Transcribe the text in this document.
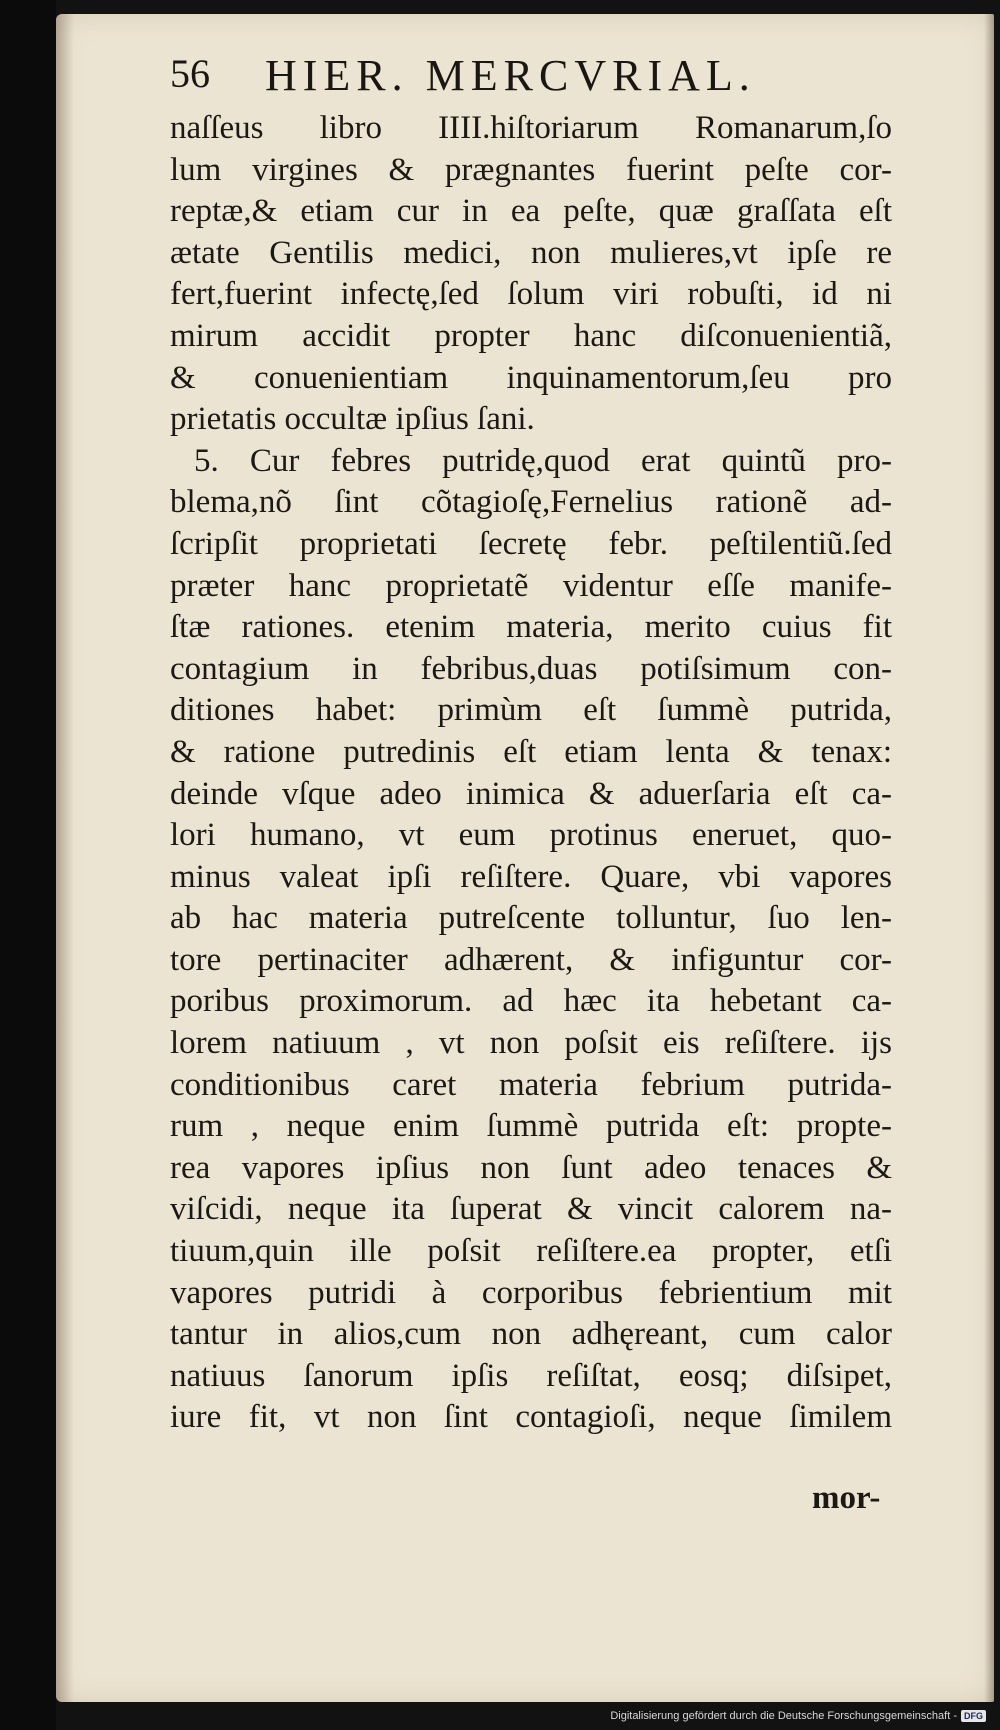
56 HIER. MERCVRIAL.
naſſeus libro IIII.hiſtoriarum Romanarum,ſo
lum virgines & prægnantes fuerint peſte cor-
reptæ,& etiam cur in ea peſte, quæ graſſata eſt
ætate Gentilis medici, non mulieres,vt ipſe re
fert,fuerint infectę,ſed ſolum viri robuſti, id ni
mirum accidit propter hanc diſconuenientiã,
& conuenientiam inquinamentorum,ſeu pro
prietatis occultæ ipſius ſani.
5. Cur febres putridę,quod erat quintũ pro-
blema,nõ ſint cõtagioſę,Fernelius rationẽ ad-
ſcripſit proprietati ſecretę febr. peſtilentiũ.ſed
prӕter hanc proprietatẽ videntur eſſe manife-
ſtæ rationes. etenim materia, merito cuius fit
contagium in febribus,duas potiſsimum con-
ditiones habet: primùm eſt ſummè putrida,
& ratione putredinis eſt etiam lenta & tenax:
deinde vſque adeo inimica & aduerſaria eſt ca-
lori humano, vt eum protinus eneruet, quo-
minus valeat ipſi reſiſtere. Quare, vbi vapores
ab hac materia putreſcente tolluntur, ſuo len-
tore pertinaciter adhærent, & infiguntur cor-
poribus proximorum. ad hæc ita hebetant ca-
lorem natiuum , vt non poſsit eis reſiſtere. ijs
conditionibus caret materia febrium putrida-
rum , neque enim ſummè putrida eſt: propte-
rea vapores ipſius non ſunt adeo tenaces &
viſcidi, neque ita ſuperat & vincit calorem na-
tiuum,quin ille poſsit reſiſtere.ea propter, etſi
vapores putridi à corporibus febrientium mit
tantur in alios,cum non adhęreant, cum calor
natiuus ſanorum ipſis reſiſtat, eosq; diſsipet,
iure fit, vt non ſint contagioſi, neque ſimilem
mor-
Digitalisierung gefördert durch die Deutsche Forschungsgemeinschaft - DFG
